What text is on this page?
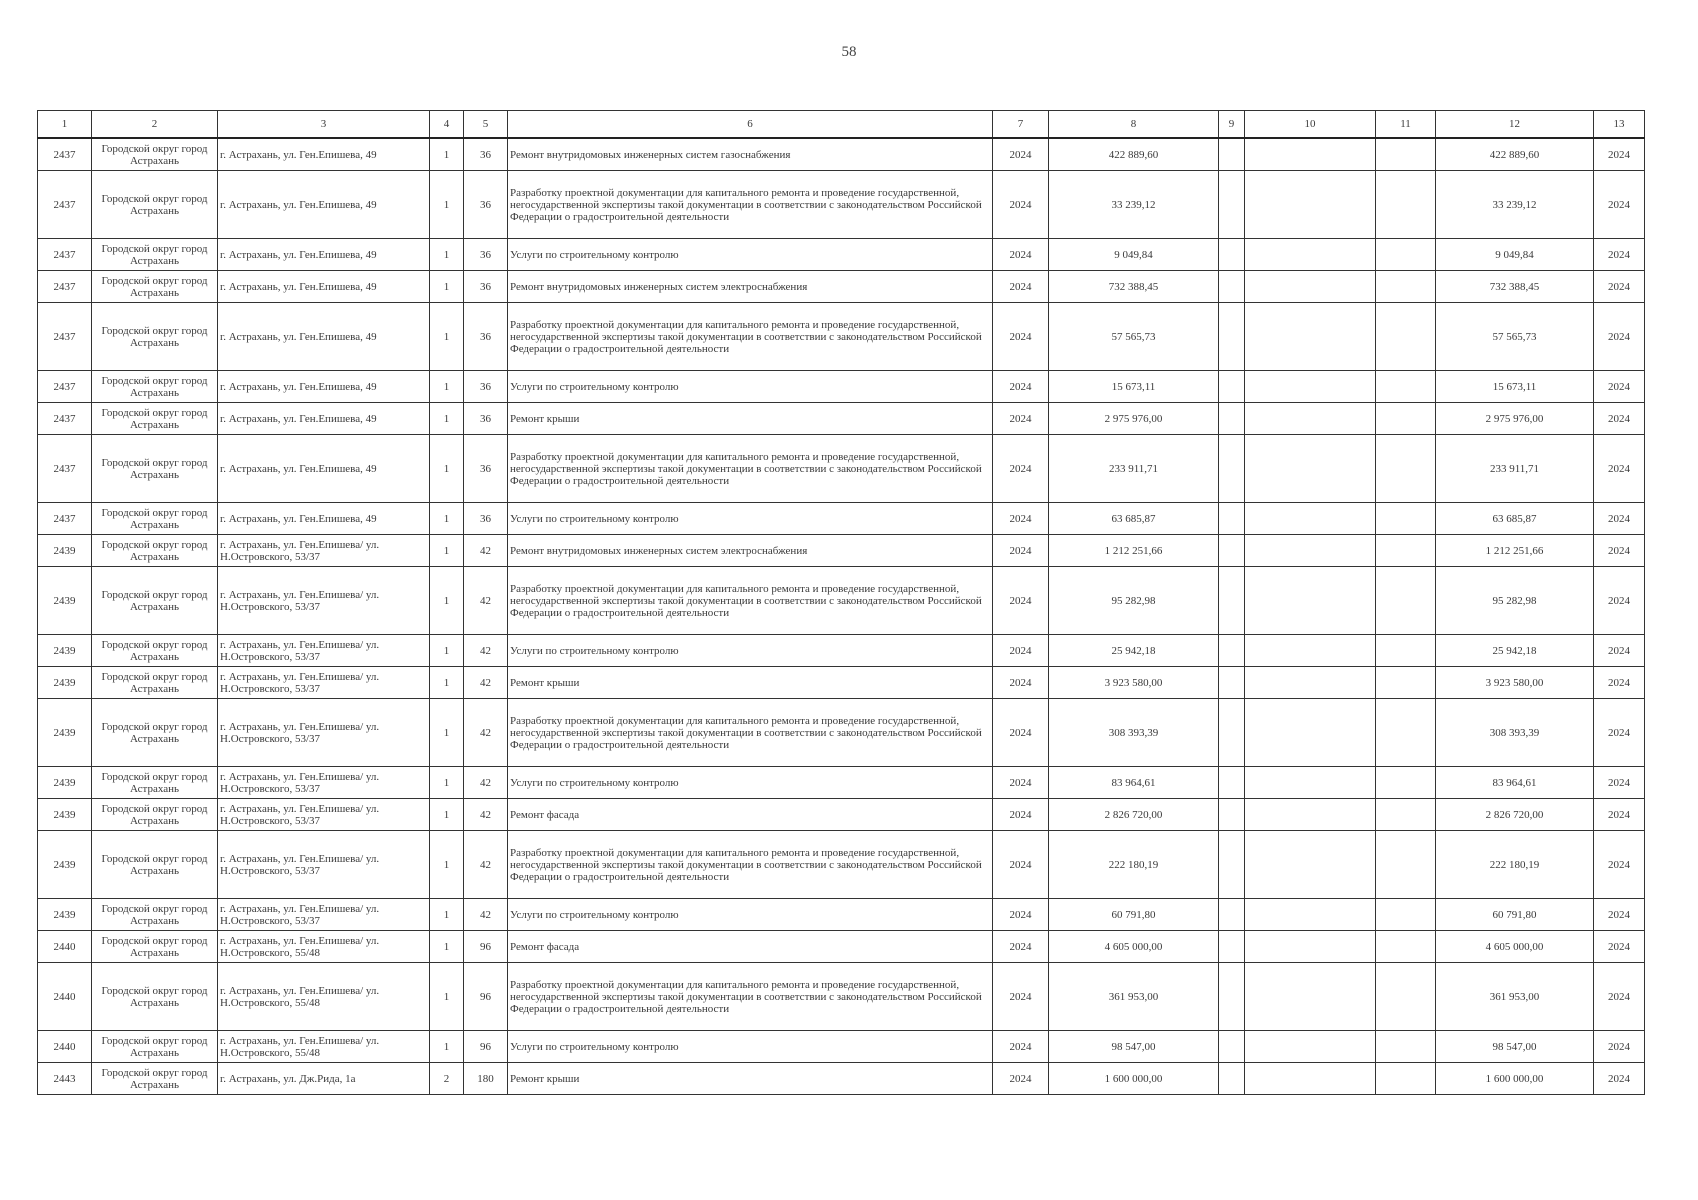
58
1	2	3	4	5	6	7	8	9	10	11	12	13
2437	Городской округ город Астрахань	г. Астрахань, ул. Ген.Епишева, 49	1	36	Ремонт внутридомовых инженерных систем газоснабжения	2024	422 889,60				422 889,60	2024
2437	Городской округ город Астрахань	г. Астрахань, ул. Ген.Епишева, 49	1	36	Разработку проектной документации для капитального ремонта и проведение государственной, негосударственной экспертизы такой документации в соответствии с законодательством Российской Федерации о градостроительной деятельности	2024	33 239,12				33 239,12	2024
2437	Городской округ город Астрахань	г. Астрахань, ул. Ген.Епишева, 49	1	36	Услуги по строительному контролю	2024	9 049,84				9 049,84	2024
2437	Городской округ город Астрахань	г. Астрахань, ул. Ген.Епишева, 49	1	36	Ремонт внутридомовых инженерных систем электроснабжения	2024	732 388,45				732 388,45	2024
2437	Городской округ город Астрахань	г. Астрахань, ул. Ген.Епишева, 49	1	36	Разработку проектной документации для капитального ремонта и проведение государственной, негосударственной экспертизы такой документации в соответствии с законодательством Российской Федерации о градостроительной деятельности	2024	57 565,73				57 565,73	2024
2437	Городской округ город Астрахань	г. Астрахань, ул. Ген.Епишева, 49	1	36	Услуги по строительному контролю	2024	15 673,11				15 673,11	2024
2437	Городской округ город Астрахань	г. Астрахань, ул. Ген.Епишева, 49	1	36	Ремонт крыши	2024	2 975 976,00				2 975 976,00	2024
2437	Городской округ город Астрахань	г. Астрахань, ул. Ген.Епишева, 49	1	36	Разработку проектной документации для капитального ремонта и проведение государственной, негосударственной экспертизы такой документации в соответствии с законодательством Российской Федерации о градостроительной деятельности	2024	233 911,71				233 911,71	2024
2437	Городской округ город Астрахань	г. Астрахань, ул. Ген.Епишева, 49	1	36	Услуги по строительному контролю	2024	63 685,87				63 685,87	2024
2439	Городской округ город Астрахань	г. Астрахань, ул. Ген.Епишева/ ул. Н.Островского, 53/37	1	42	Ремонт внутридомовых инженерных систем электроснабжения	2024	1 212 251,66				1 212 251,66	2024
2439	Городской округ город Астрахань	г. Астрахань, ул. Ген.Епишева/ ул. Н.Островского, 53/37	1	42	Разработку проектной документации для капитального ремонта и проведение государственной, негосударственной экспертизы такой документации в соответствии с законодательством Российской Федерации о градостроительной деятельности	2024	95 282,98				95 282,98	2024
2439	Городской округ город Астрахань	г. Астрахань, ул. Ген.Епишева/ ул. Н.Островского, 53/37	1	42	Услуги по строительному контролю	2024	25 942,18				25 942,18	2024
2439	Городской округ город Астрахань	г. Астрахань, ул. Ген.Епишева/ ул. Н.Островского, 53/37	1	42	Ремонт крыши	2024	3 923 580,00				3 923 580,00	2024
2439	Городской округ город Астрахань	г. Астрахань, ул. Ген.Епишева/ ул. Н.Островского, 53/37	1	42	Разработку проектной документации для капитального ремонта и проведение государственной, негосударственной экспертизы такой документации в соответствии с законодательством Российской Федерации о градостроительной деятельности	2024	308 393,39				308 393,39	2024
2439	Городской округ город Астрахань	г. Астрахань, ул. Ген.Епишева/ ул. Н.Островского, 53/37	1	42	Услуги по строительному контролю	2024	83 964,61				83 964,61	2024
2439	Городской округ город Астрахань	г. Астрахань, ул. Ген.Епишева/ ул. Н.Островского, 53/37	1	42	Ремонт фасада	2024	2 826 720,00				2 826 720,00	2024
2439	Городской округ город Астрахань	г. Астрахань, ул. Ген.Епишева/ ул. Н.Островского, 53/37	1	42	Разработку проектной документации для капитального ремонта и проведение государственной, негосударственной экспертизы такой документации в соответствии с законодательством Российской Федерации о градостроительной деятельности	2024	222 180,19				222 180,19	2024
2439	Городской округ город Астрахань	г. Астрахань, ул. Ген.Епишева/ ул. Н.Островского, 53/37	1	42	Услуги по строительному контролю	2024	60 791,80				60 791,80	2024
2440	Городской округ город Астрахань	г. Астрахань, ул. Ген.Епишева/ ул. Н.Островского, 55/48	1	96	Ремонт фасада	2024	4 605 000,00				4 605 000,00	2024
2440	Городской округ город Астрахань	г. Астрахань, ул. Ген.Епишева/ ул. Н.Островского, 55/48	1	96	Разработку проектной документации для капитального ремонта и проведение государственной, негосударственной экспертизы такой документации в соответствии с законодательством Российской Федерации о градостроительной деятельности	2024	361 953,00				361 953,00	2024
2440	Городской округ город Астрахань	г. Астрахань, ул. Ген.Епишева/ ул. Н.Островского, 55/48	1	96	Услуги по строительному контролю	2024	98 547,00				98 547,00	2024
2443	Городской округ город Астрахань	г. Астрахань, ул. Дж.Рида, 1а	2	180	Ремонт крыши	2024	1 600 000,00				1 600 000,00	2024
